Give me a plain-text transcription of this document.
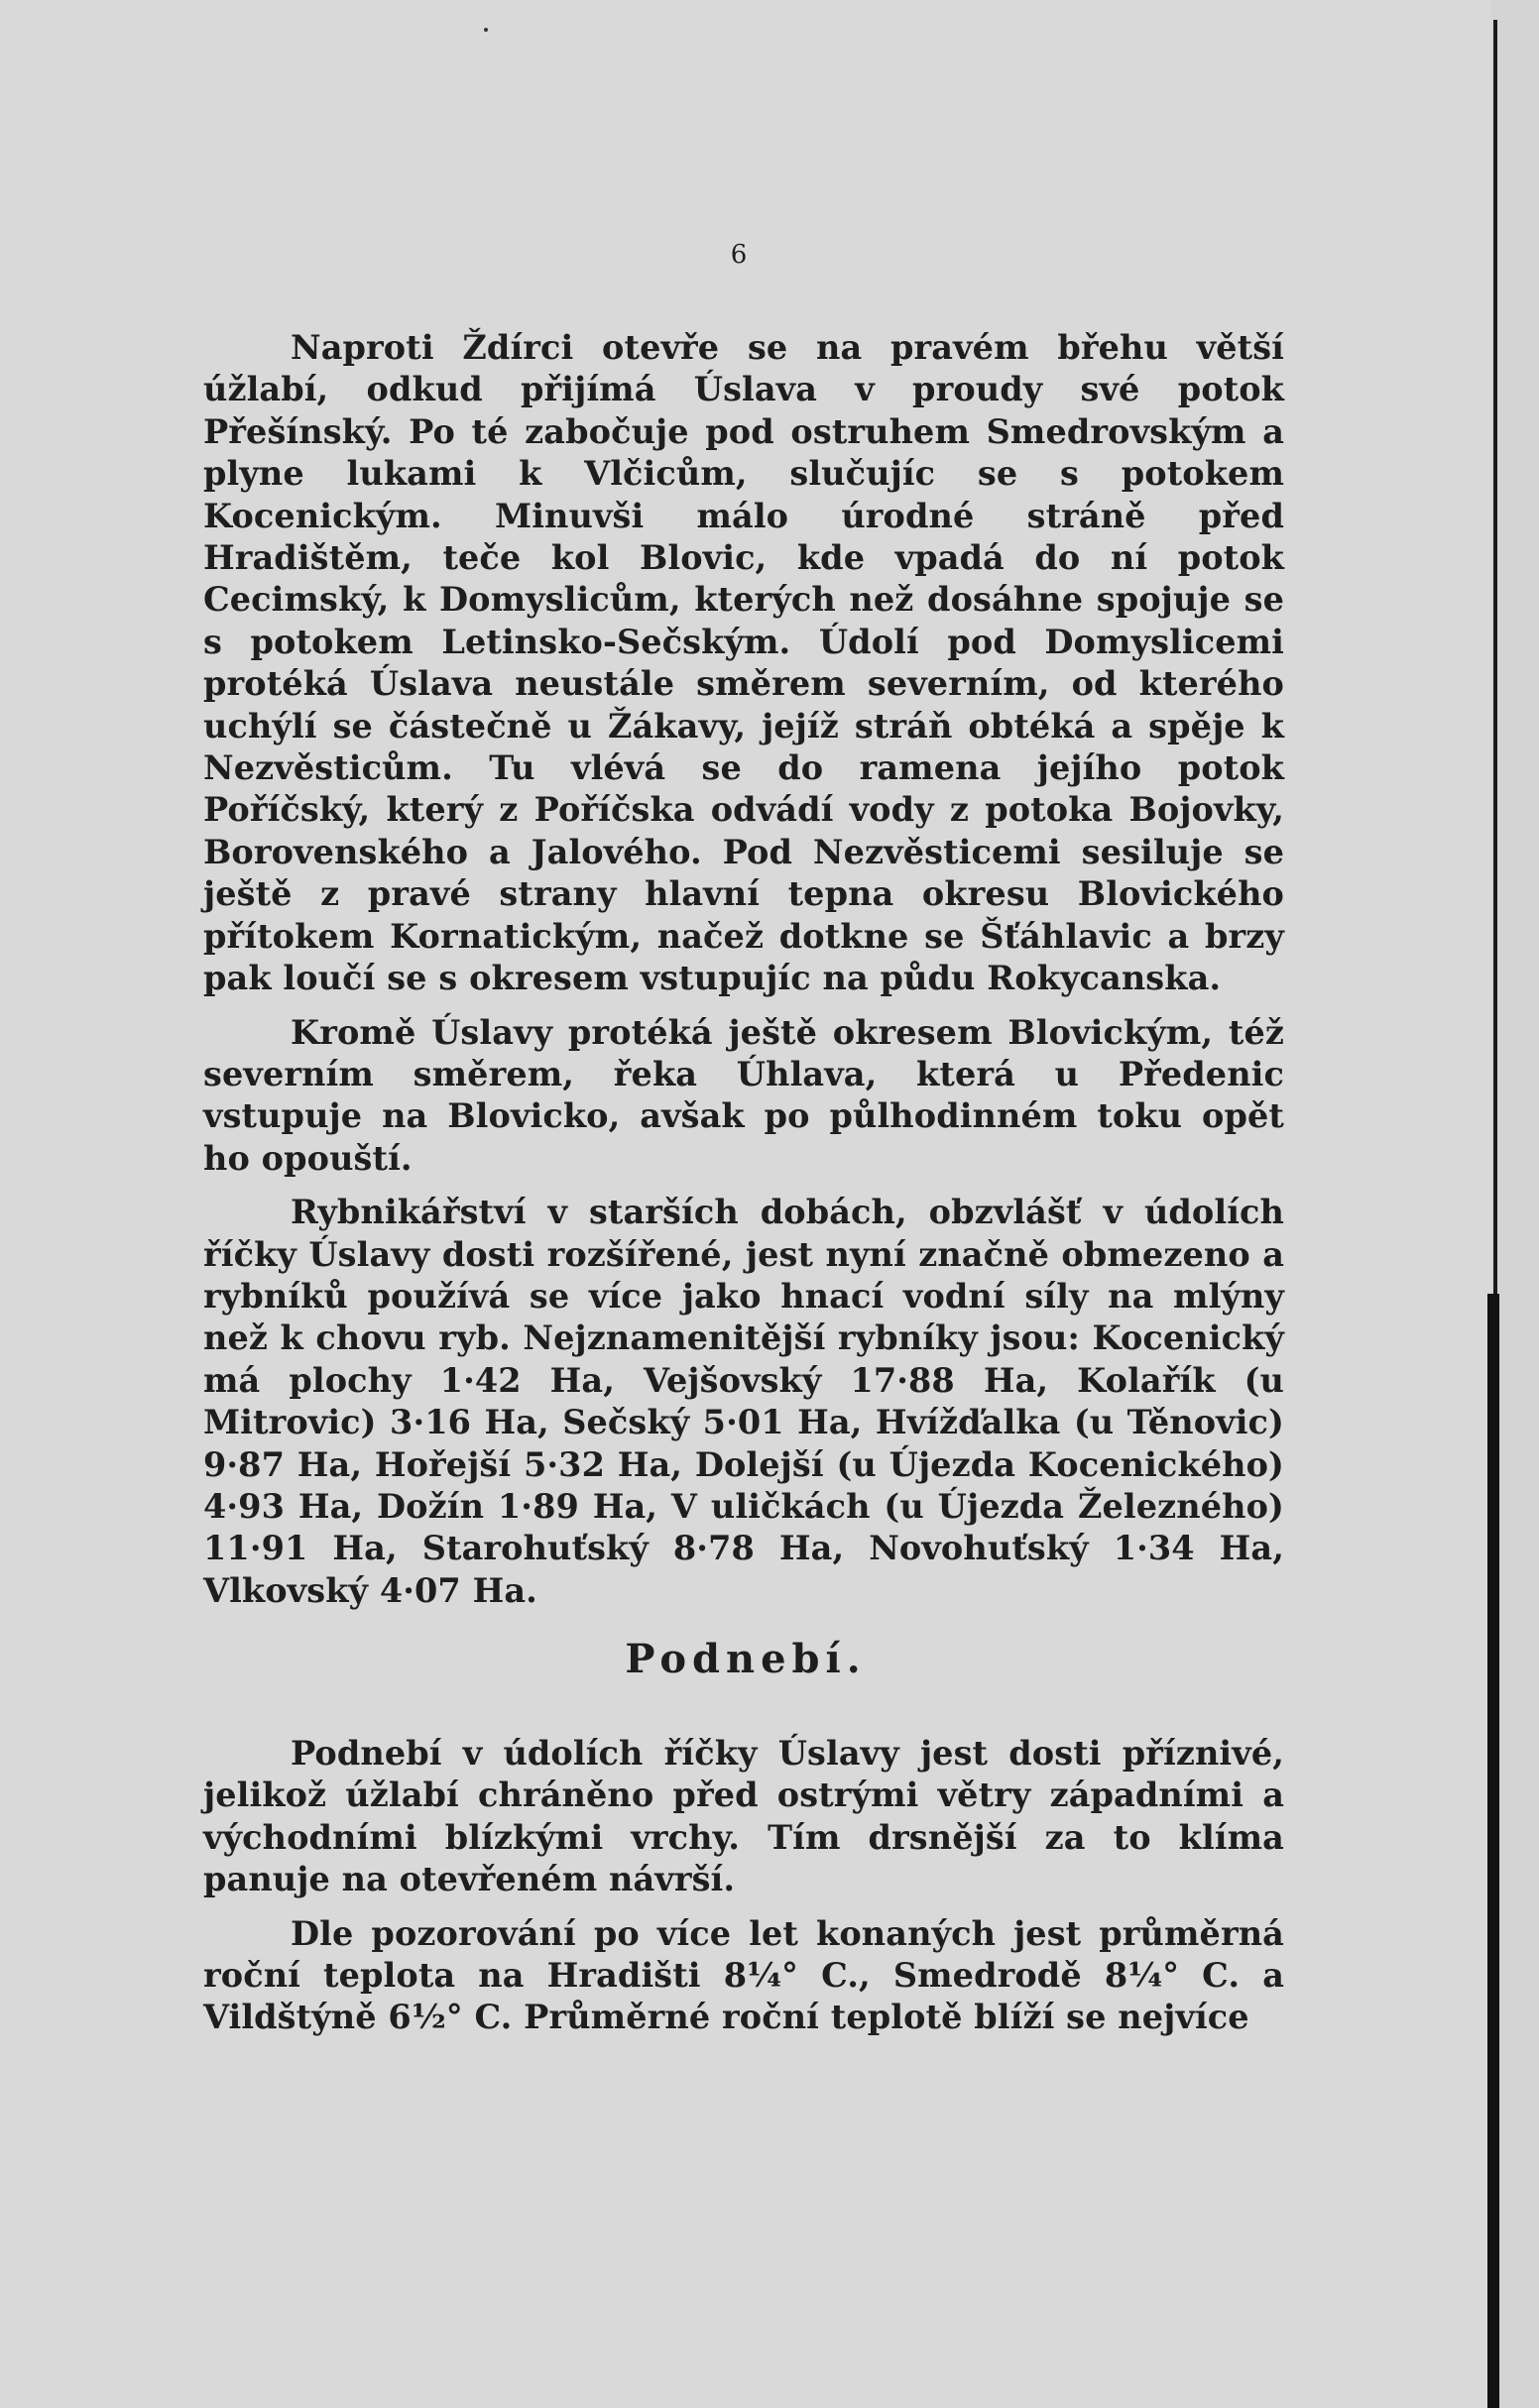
6

Naproti Ždírci otevře se na pravém břehu větší úžlabí, odkud přijímá Úslava v proudy své potok Přešínský. Po té zabočuje pod ostruhem Smedrovským a plyne lukami k Vlčicům, slučujíc se s potokem Kocenickým. Minuvši málo úrodné stráně před Hradištěm, teče kol Blovic, kde vpadá do ní potok Cecimský, k Domyslicům, kterých než dosáhne spojuje se s potokem Letinsko-Sečským. Údolí pod Domyslicemi protéká Úslava neustále směrem severním, od kterého uchýlí se částečně u Žákavy, jejíž stráň obtéká a spěje k Nezvěsticům. Tu vlévá se do ramena jejího potok Poříčský, který z Poříčska odvádí vody z potoka Bojovky, Borovenského a Jalového. Pod Nezvěsticemi sesiluje se ještě z pravé strany hlavní tepna okresu Blovického přítokem Kornatickým, načež dotkne se Šťáhlavic a brzy pak loučí se s okresem vstupujíc na půdu Rokycanska.

Kromě Úslavy protéká ještě okresem Blovickým, též severním směrem, řeka Úhlava, která u Předenic vstupuje na Blovicko, avšak po půlhodinném toku opět ho opouští.

Rybnikářství v starších dobách, obzvlášť v údolích říčky Úslavy dosti rozšířené, jest nyní značně obmezeno a rybníků používá se více jako hnací vodní síly na mlýny než k chovu ryb. Nejznamenitější rybníky jsou: Kocenický má plochy 1·42 Ha, Vejšovský 17·88 Ha, Kolařík (u Mitrovic) 3·16 Ha, Sečský 5·01 Ha, Hvížďalka (u Těnovic) 9·87 Ha, Hořejší 5·32 Ha, Dolejší (u Újezda Kocenického) 4·93 Ha, Dožín 1·89 Ha, V uličkách (u Újezda Železného) 11·91 Ha, Starohuťský 8·78 Ha, Novohuťský 1·34 Ha, Vlkovský 4·07 Ha.

Podnebí.

Podnebí v údolích říčky Úslavy jest dosti příznivé, jelikož úžlabí chráněno před ostrými větry západními a východními blízkými vrchy. Tím drsnější za to klíma panuje na otevřeném návrší.

Dle pozorování po více let konaných jest průměrná roční teplota na Hradišti 8¼° C., Smedrodě 8¼° C. a Vildštýně 6½° C. Průměrné roční teplotě blíží se nejvíce
